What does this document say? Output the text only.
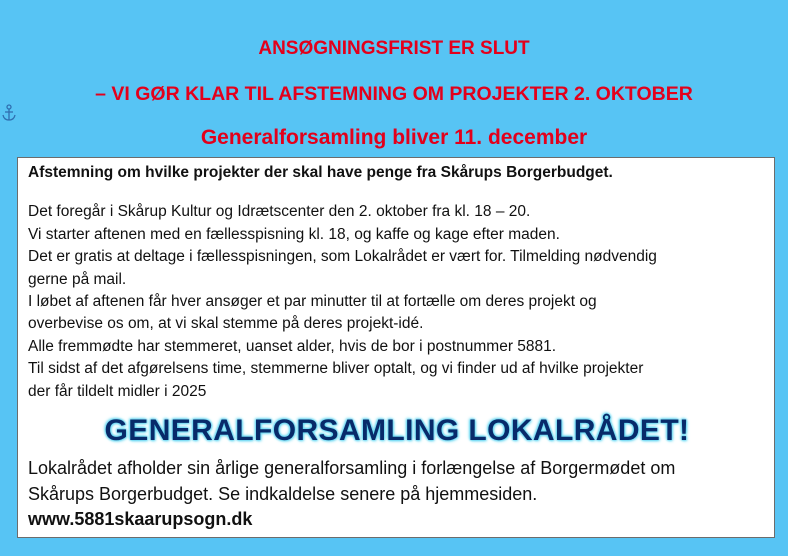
ANSØGNINGSFRIST ER SLUT
– VI GØR KLAR TIL AFSTEMNING OM PROJEKTER 2. OKTOBER
Generalforsamling bliver 11. december
Afstemning om hvilke projekter der skal have penge fra Skårups Borgerbudget.
Det foregår i Skårup Kultur og Idrætscenter den 2. oktober fra kl. 18 – 20.
Vi starter aftenen med en fællesspisning kl. 18, og kaffe og kage efter maden.
Det er gratis at deltage i fællesspisningen, som Lokalrådet er vært for. Tilmelding nødvendig
gerne på mail.
I løbet af aftenen får hver ansøger et par minutter til at fortælle om deres projekt og
overbevise os om, at vi skal stemme på deres projekt-idé.
Alle fremmødte har stemmeret, uanset alder, hvis de bor i postnummer 5881.
Til sidst af det afgørelsens time, stemmerne bliver optalt, og vi finder ud af hvilke projekter
der får tildelt midler i 2025
GENERALFORSAMLING LOKALRÅDET!
Lokalrådet afholder sin årlige generalforsamling i forlængelse af Borgermødet om
Skårups Borgerbudget. Se indkaldelse senere på hjemmesiden.
www.5881skaarupsogn.dk
